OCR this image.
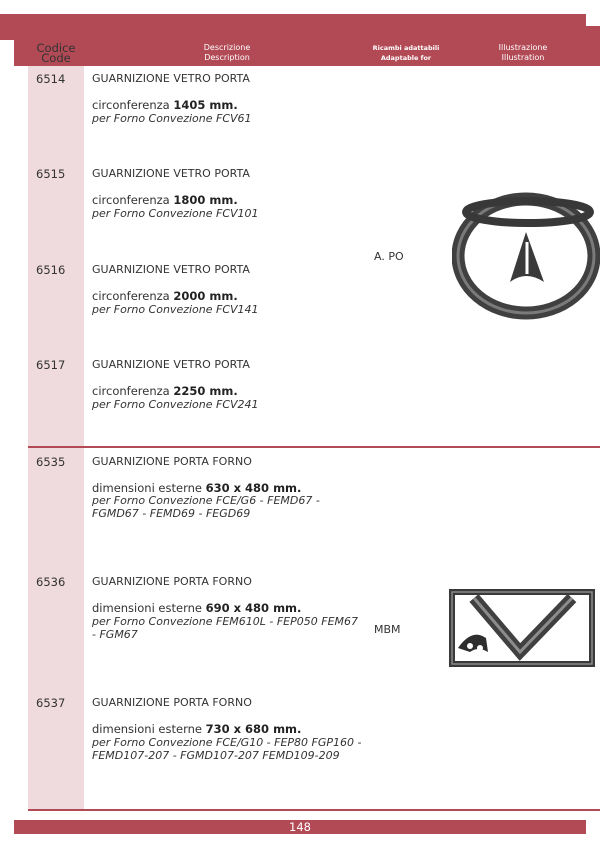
Codice
Code
Descrizione
Description
Ricambi adattabili
Adaptable for
Illustrazione
Illustration
6514 GUARNIZIONE VETRO PORTA
circonferenza 1405 mm.
per Forno Convezione FCV61
6515 GUARNIZIONE VETRO PORTA
circonferenza 1800 mm.
per Forno Convezione FCV101
6516 GUARNIZIONE VETRO PORTA
circonferenza 2000 mm.
per Forno Convezione FCV141
6517 GUARNIZIONE VETRO PORTA
circonferenza 2250 mm.
per Forno Convezione FCV241
A. PO
6535 GUARNIZIONE PORTA FORNO
dimensioni esterne 630 x 480 mm.
per Forno Convezione FCE/G6 - FEMD67 - FGMD67 - FEMD69 - FEGD69
6536 GUARNIZIONE PORTA FORNO
dimensioni esterne 690 x 480 mm.
per Forno Convezione FEM610L - FEP050 FEM67 - FGM67
6537 GUARNIZIONE PORTA FORNO
dimensioni esterne 730 x 680 mm.
per Forno Convezione FCE/G10 - FEP80 FGP160 - FEMD107-207 - FGMD107-207 FEMD109-209
MBM
148
